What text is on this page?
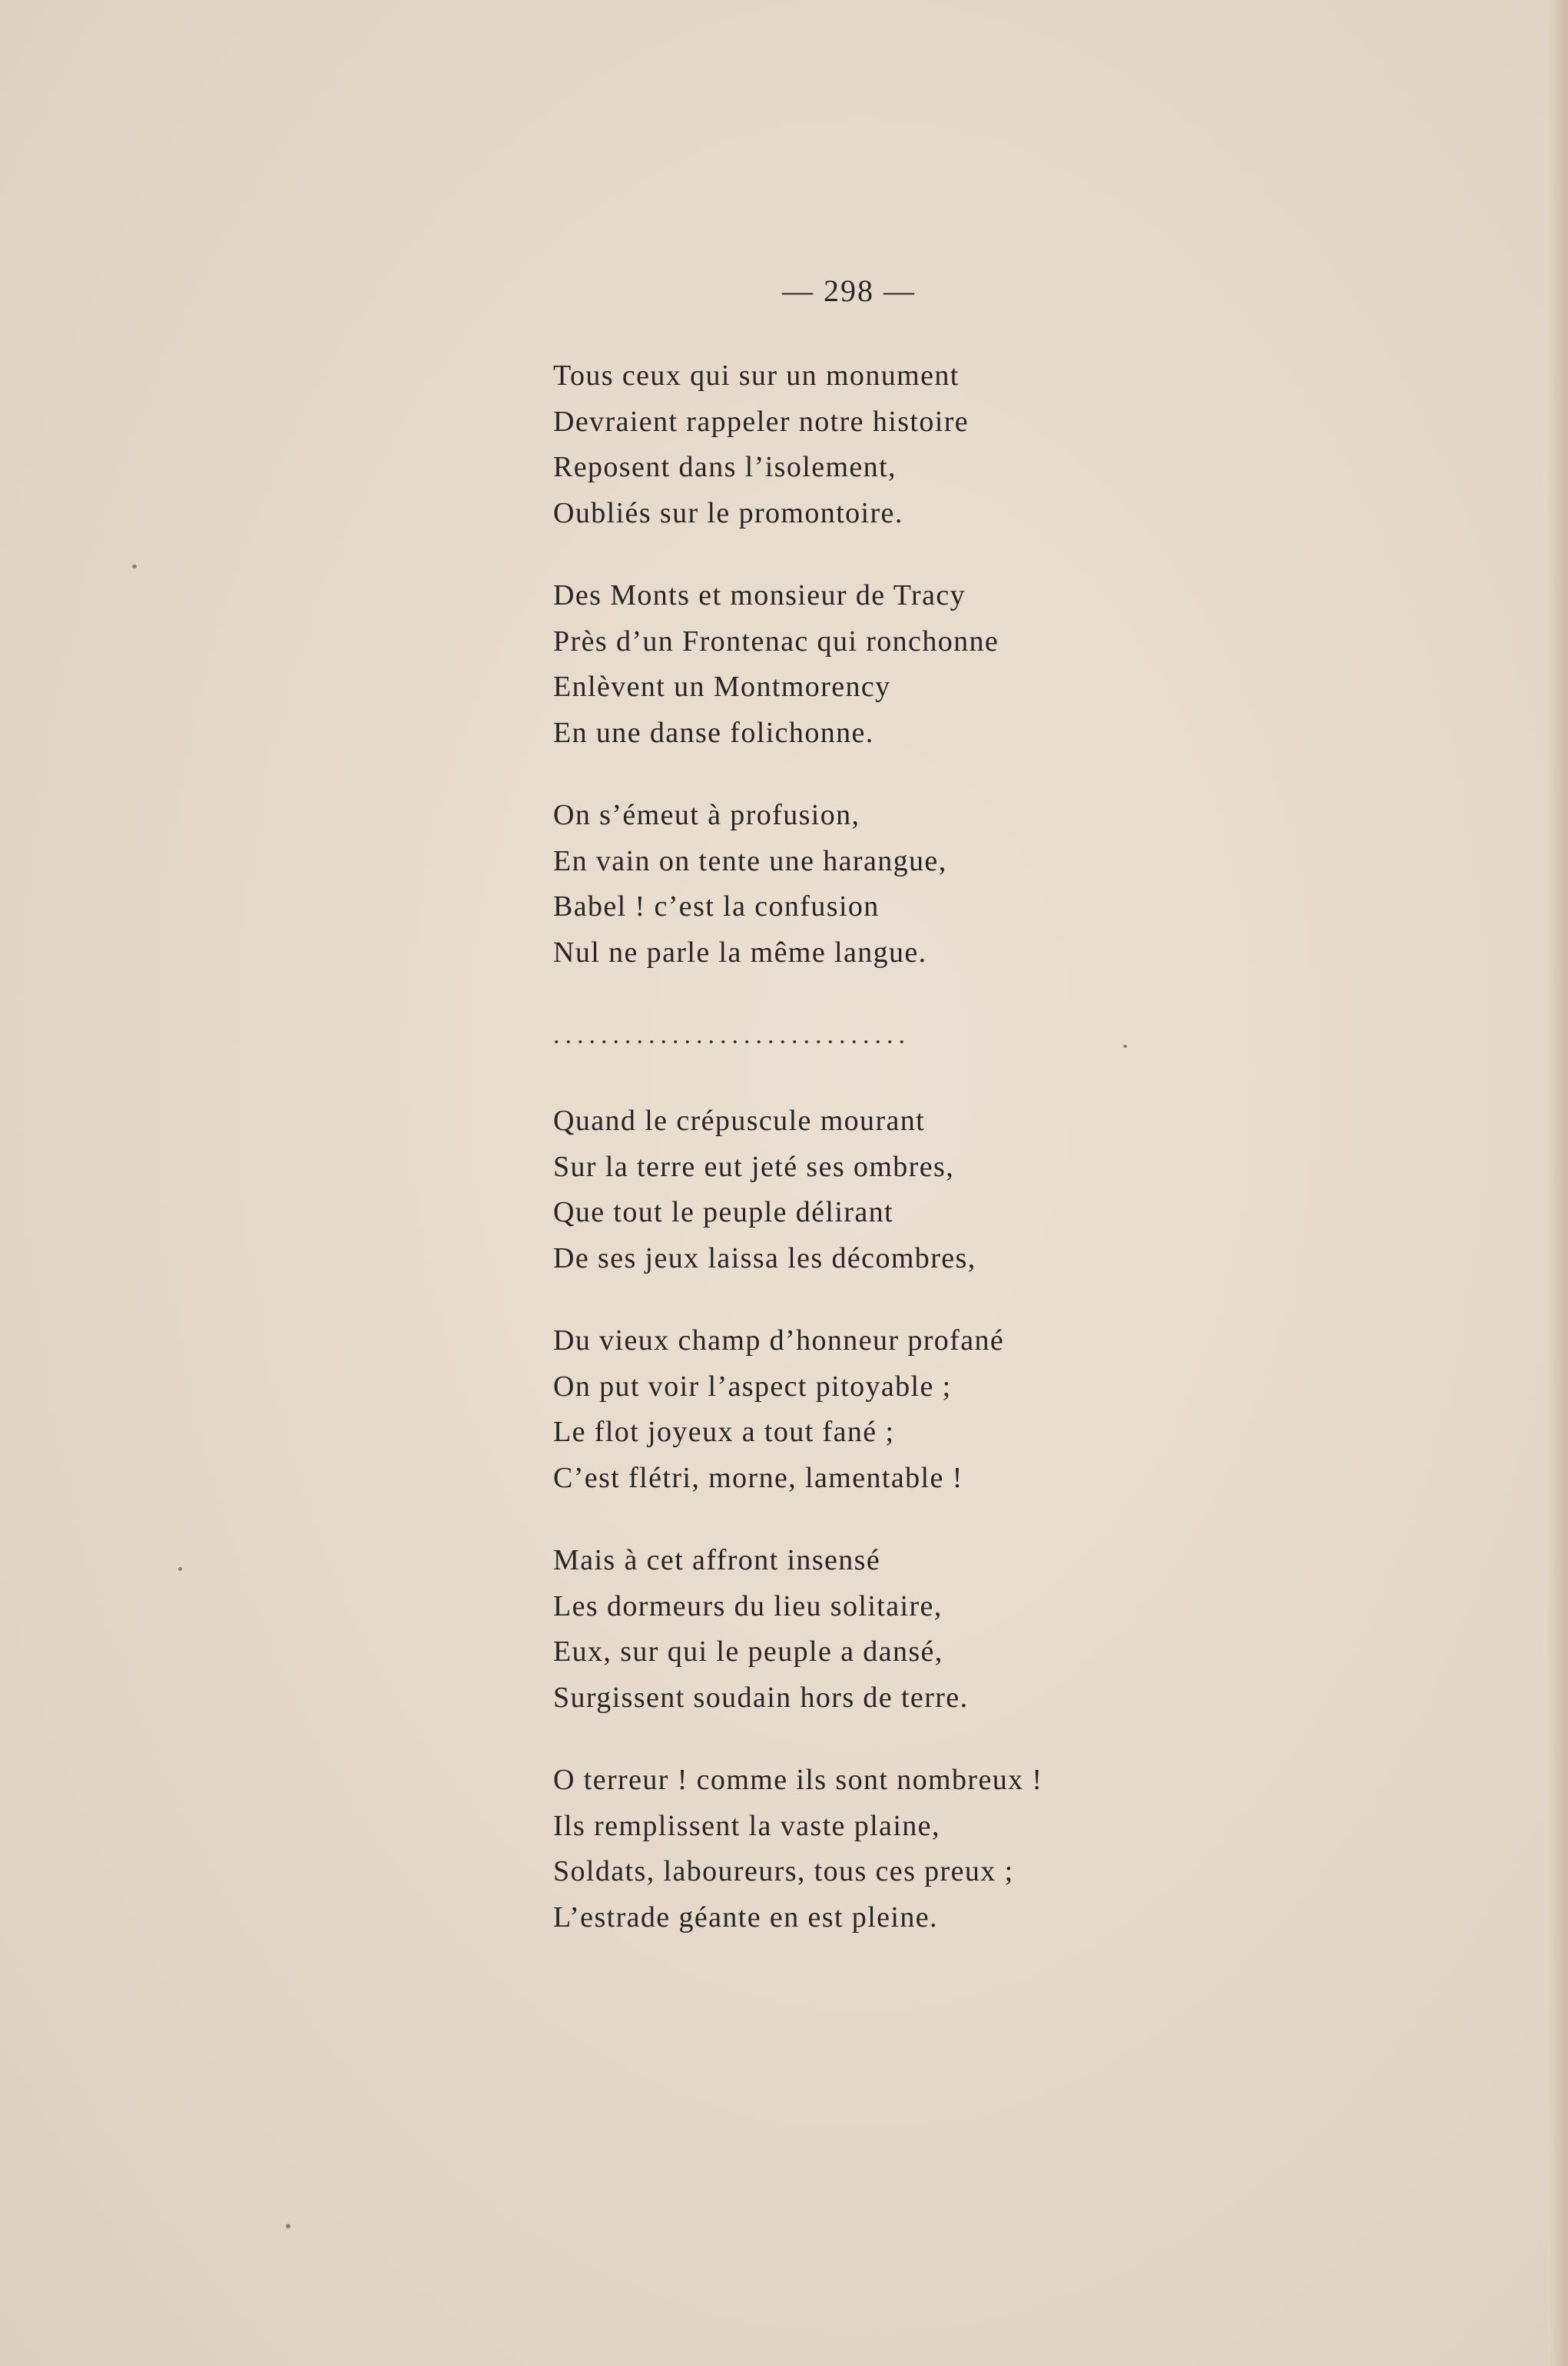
— 298 —
Tous ceux qui sur un monument
Devraient rappeler notre histoire
Reposent dans l’isolement,
Oubliés sur le promontoire.
Des Monts et monsieur de Tracy
Près d’un Frontenac qui ronchonne
Enlèvent un Montmorency
En une danse folichonne.
On s’émeut à profusion,
En vain on tente une harangue,
Babel ! c’est la confusion
Nul ne parle la même langue.
..............................
Quand le crépuscule mourant
Sur la terre eut jeté ses ombres,
Que tout le peuple délirant
De ses jeux laissa les décombres,
Du vieux champ d’honneur profané
On put voir l’aspect pitoyable ;
Le flot joyeux a tout fané ;
C’est flétri, morne, lamentable !
Mais à cet affront insensé
Les dormeurs du lieu solitaire,
Eux, sur qui le peuple a dansé,
Surgissent soudain hors de terre.
O terreur ! comme ils sont nombreux !
Ils remplissent la vaste plaine,
Soldats, laboureurs, tous ces preux ;
L’estrade géante en est pleine.
